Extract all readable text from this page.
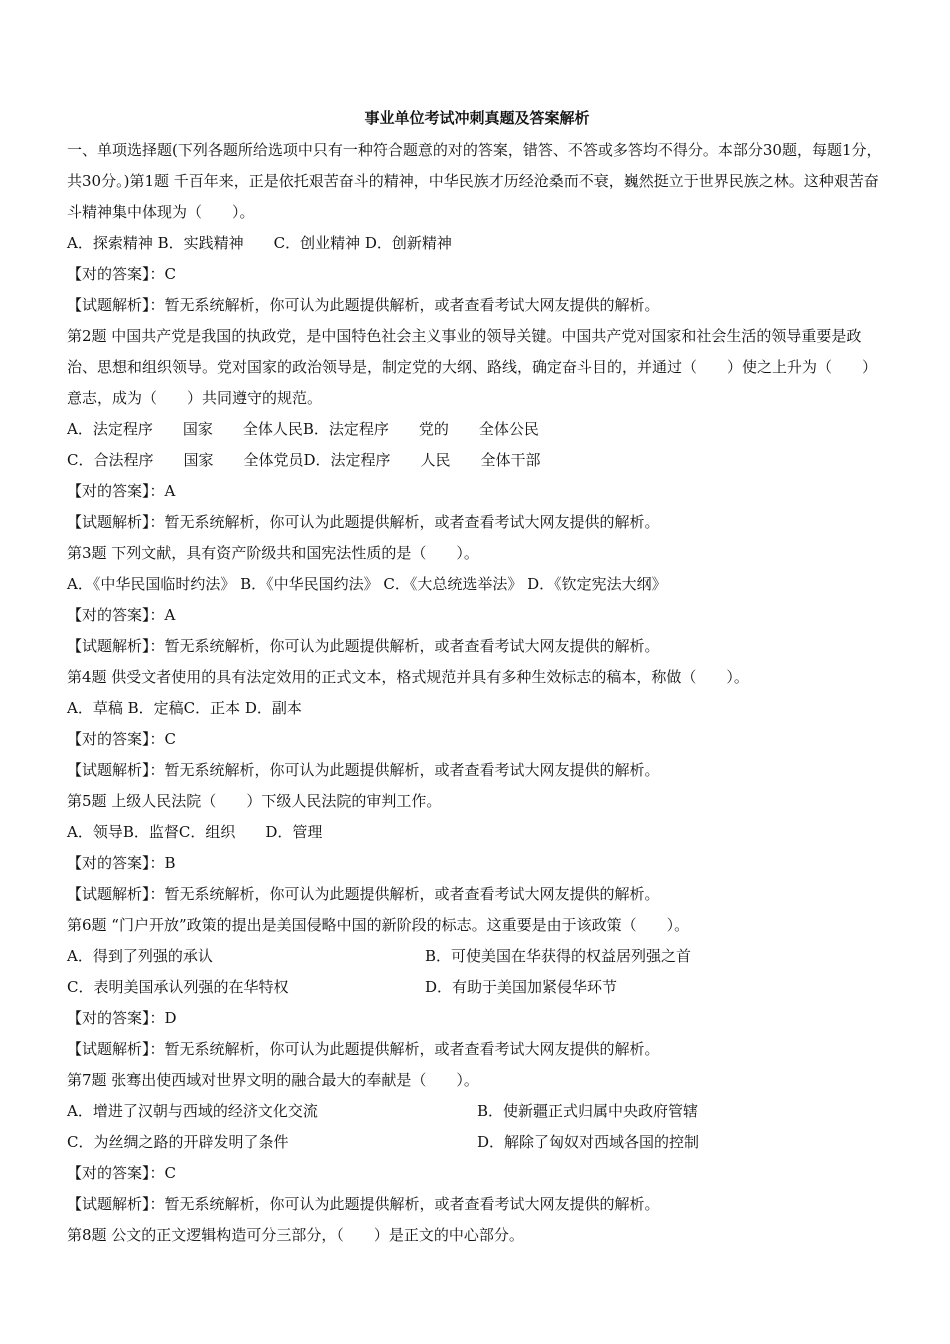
事业单位考试冲刺真题及答案解析
一、单项选择题(下列各题所给选项中只有一种符合题意的对的答案，错答、不答或多答均不得分。本部分30题，每题1分，共30分。)第1题 千百年来，正是依托艰苦奋斗的精神，中华民族才历经沧桑而不衰，巍然挺立于世界民族之林。这种艰苦奋斗精神集中体现为（　　）。
A．探索精神 B．实践精神　　C．创业精神 D．创新精神
【对的答案】：C
【试题解析】：暂无系统解析，你可认为此题提供解析，或者查看考试大网友提供的解析。
第2题 中国共产党是我国的执政党，是中国特色社会主义事业的领导关键。中国共产党对国家和社会生活的领导重要是政治、思想和组织领导。党对国家的政治领导是，制定党的大纲、路线，确定奋斗目的，并通过（　　）使之上升为（　　）意志，成为（　　）共同遵守的规范。
A．法定程序　　国家　　全体人民B．法定程序　　党的　　全体公民
C．合法程序　　国家　　全体党员D．法定程序　　人民　　全体干部
【对的答案】：A
【试题解析】：暂无系统解析，你可认为此题提供解析，或者查看考试大网友提供的解析。
第3题 下列文献，具有资产阶级共和国宪法性质的是（　　）。
A．《中华民国临时约法》 B．《中华民国约法》 C．《大总统选举法》 D．《钦定宪法大纲》
【对的答案】：A
【试题解析】：暂无系统解析，你可认为此题提供解析，或者查看考试大网友提供的解析。
第4题 供受文者使用的具有法定效用的正式文本，格式规范并具有多种生效标志的稿本，称做（　　）。
A．草稿 B．定稿C．正本 D．副本
【对的答案】：C
【试题解析】：暂无系统解析，你可认为此题提供解析，或者查看考试大网友提供的解析。
第5题 上级人民法院（　　）下级人民法院的审判工作。
A．领导B．监督C．组织　　D．管理
【对的答案】：B
【试题解析】：暂无系统解析，你可认为此题提供解析，或者查看考试大网友提供的解析。
第6题 “门户开放”政策的提出是美国侵略中国的新阶段的标志。这重要是由于该政策（　　）。
A．得到了列强的承认	B．可使美国在华获得的权益居列强之首
C．表明美国承认列强的在华特权	D．有助于美国加紧侵华环节
【对的答案】：D
【试题解析】：暂无系统解析，你可认为此题提供解析，或者查看考试大网友提供的解析。
第7题 张骞出使西域对世界文明的融合最大的奉献是（　　）。
A．增进了汉朝与西域的经济文化交流	B．使新疆正式归属中央政府管辖
C．为丝绸之路的开辟发明了条件	D．解除了匈奴对西域各国的控制
【对的答案】：C
【试题解析】：暂无系统解析，你可认为此题提供解析，或者查看考试大网友提供的解析。
第8题 公文的正文逻辑构造可分三部分，（　　）是正文的中心部分。
